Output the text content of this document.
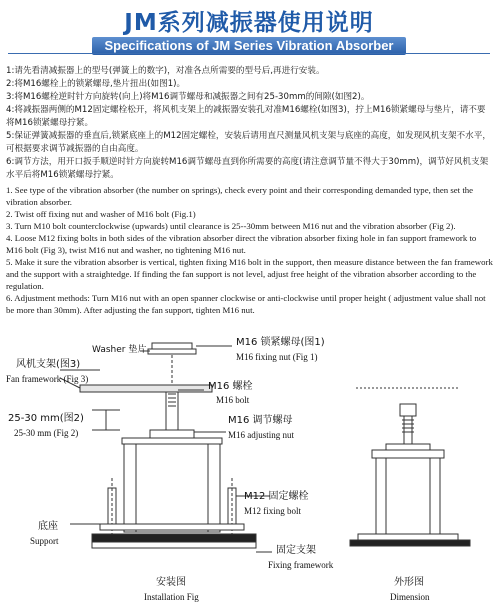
JM系列减振器使用说明
Specifications of JM Series Vibration Absorber
1:请先看清减振器上的型号(弹簧上的数字)，对准各点所需要的型号后,再进行安装。
2:将M16螺栓上的锁紧螺母,垫片扭出(如图1)。
3:将M16螺栓逆时针方向旋转(向上)将M16调节螺母和减振器之间有25-30mm的间隙(如图2)。
4:将减振器两侧的M12固定螺栓松开，将风机支架上的减振器安装孔对准M16螺栓(如图3)，拧上M16锁紧螺母与垫片，请不要将M16锁紧螺母拧紧。
5:保证弹簧减振器的垂直后,锁紧底座上的M12固定螺栓，安装后请用直尺测量风机支架与底座的高度，如发现风机支架不水平，可根据要求调节减振器的自由高度。
6:调节方法，用开口扳手顺逆时针方向旋转M16调节螺母直到你所需要的高度(请注意调节量不得大于30mm)，调节好风机支架水平后将M16锁紧螺母拧紧。
1. See type of the vibration absorber (the number on springs), check every point and their corresponding demanded type, then set the vibration absorber.
2. Twist off fixing nut and washer of M16 bolt (Fig.1)
3. Turn M10 bolt counterclockwise (upwards) until clearance is 25--30mm between M16 nut and the vibration absorber (Fig 2).
4. Loose M12 fixing bolts in both sides of the vibration absorber direct the vibration absorber fixing hole in fan support framework to M16 bolt (Fig 3), twist M16 nut and washer, no tightening M16 nut.
5. Make it sure the vibration absorber is vertical, tighten fixing M16 bolt in the support, then measure distance between the fan framework and the support with a straightedge. If finding the fan support is not level, adjust free height of the vibration absorber according to the regulation.
6. Adjustment methods: Turn M16 nut with an open spanner clockwise or anti-clockwise until proper height ( adjustment value shall not be more than 30mm). After adjusting the fan support, tighten M16 nut.
Washer 垫片
M16 锁紧螺母(图1)
M16 fixing nut (Fig 1)
风机支架(图3)
Fan framework (Fig 3)
M16 螺栓
M16 bolt
25-30 mm(图2)
25-30 mm (Fig 2)
M16 调节螺母
M16 adjusting nut
M12 固定螺栓
M12 fixing bolt
底座
Support
固定支架
Fixing framework
安装图
Installation Fig
外形图
Dimension
